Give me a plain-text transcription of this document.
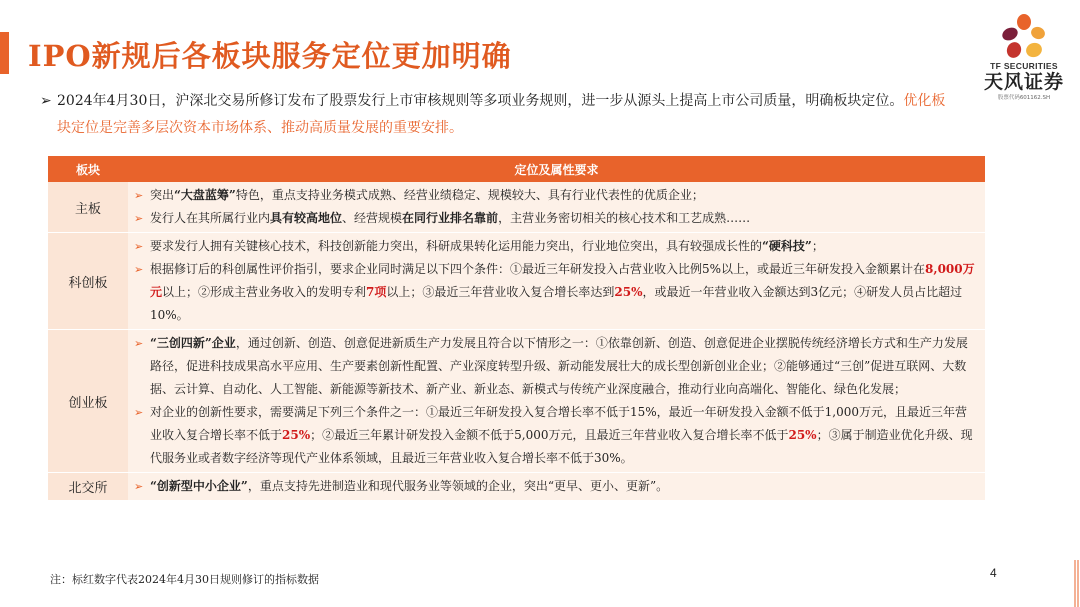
IPO新规后各板块服务定位更加明确	TF SECURITIES
天风证券
股票代码601162.SH
➢ 2024年4月30日，沪深北交易所修订发布了股票发行上市审核规则等多项业务规则，进一步从源头上提高上市公司质量，明确板块定位。优化板块定位是完善多层次资本市场体系、推动高质量发展的重要安排。
板块	定位及属性要求
主板	➢ 突出“大盘蓝筹”特色，重点支持业务模式成熟、经营业绩稳定、规模较大、具有行业代表性的优质企业；
➢ 发行人在其所属行业内具有较高地位、经营规模在同行业排名靠前，主营业务密切相关的核心技术和工艺成熟……

科创板	➢ 要求发行人拥有关键核心技术，科技创新能力突出，科研成果转化运用能力突出，行业地位突出，具有较强成长性的“硬科技”；
➢ 根据修订后的科创属性评价指引，要求企业同时满足以下四个条件：①最近三年研发投入占营业收入比例5%以上，或最近三年研发投入金额累计在8,000万元以上；②形成主营业务收入的发明专利7项以上；③最近三年营业收入复合增长率达到25%，或最近一年营业收入金额达到3亿元；④研发人员占比超过10%。

创业板	➢ “三创四新”企业，通过创新、创造、创意促进新质生产力发展且符合以下情形之一：①依靠创新、创造、创意促进企业摆脱传统经济增长方式和生产力发展路径，促进科技成果高水平应用、生产要素创新性配置、产业深度转型升级、新动能发展壮大的成长型创新创业企业；②能够通过“三创”促进互联网、大数据、云计算、自动化、人工智能、新能源等新技术、新产业、新业态、新模式与传统产业深度融合，推动行业向高端化、智能化、绿色化发展；
➢ 对企业的创新性要求，需要满足下列三个条件之一：①最近三年研发投入复合增长率不低于15%，最近一年研发投入金额不低于1,000万元，且最近三年营业收入复合增长率不低于25%；②最近三年累计研发投入金额不低于5,000万元，且最近三年营业收入复合增长率不低于25%；③属于制造业优化升级、现代服务业或者数字经济等现代产业体系领域，且最近三年营业收入复合增长率不低于30%。

北交所	➢ “创新型中小企业”，重点支持先进制造业和现代服务业等领域的企业，突出“更早、更小、更新”。
注：标红数字代表2024年4月30日规则修订的指标数据	4
